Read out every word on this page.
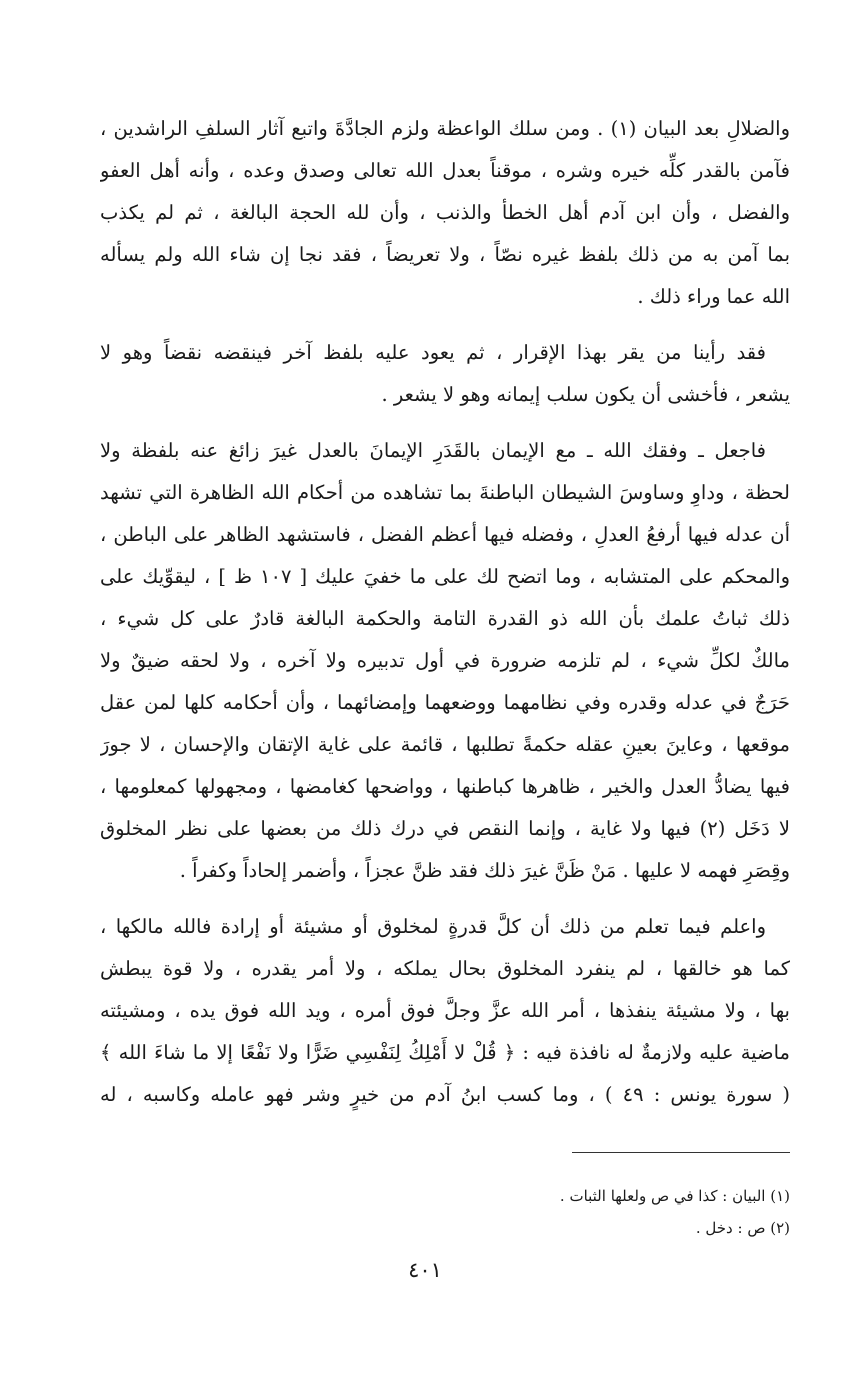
والضلالِ بعد البيان (١) . ومن سلك الواعظة ولزم الجادَّةَ واتبع آثار السلفِ الراشدين ،
فآمن بالقدر كلِّه خيره وشره ، موقناً بعدل الله تعالى وصدق وعده ، وأنه أهل العفو
والفضل ، وأن ابن آدم أهل الخطأ والذنب ، وأن لله الحجة البالغة ، ثم لم يكذب
بما آمن به من ذلك بلفظ غيره نصّاً ، ولا تعريضاً ، فقد نجا إن شاء الله ولم يسأله
الله عما وراء ذلك .
فقد رأينا من يقر بهذا الإقرار ، ثم يعود عليه بلفظ آخر فينقضه نقضاً وهو لا
يشعر ، فأخشى أن يكون سلب إيمانه وهو لا يشعر .
فاجعل ـ وفقك الله ـ مع الإيمان بالقَدَرِ الإيمانَ بالعدل غيرَ زائغ عنه بلفظة ولا
لحظة ، وداوِ وساوسَ الشيطان الباطنةَ بما تشاهده من أحكام الله الظاهرة التي تشهد
أن عدله فيها أرفعُ العدلِ ، وفضله فيها أعظم الفضل ، فاستشهد الظاهر على الباطن ،
والمحكم على المتشابه ، وما اتضح لك على ما خفيَ عليك [ ١٠٧ ظ ] ، ليقوِّيك على
ذلك ثباتُ علمك بأن الله ذو القدرة التامة والحكمة البالغة قادرٌ على كل شيء ،
مالكٌ لكلِّ شيء ، لم تلزمه ضرورة في أول تدبيره ولا آخره ، ولا لحقه ضيقٌ ولا
حَرَجٌ في عدله وقدره وفي نظامهما ووضعهما وإمضائهما ، وأن أحكامه كلها لمن عقل
موقعها ، وعاينَ بعينِ عقله حكمةً تطلبها ، قائمة على غاية الإتقان والإحسان ، لا جورَ
فيها يضادُّ العدل والخير ، ظاهرها كباطنها ، وواضحها كغامضها ، ومجهولها كمعلومها ،
لا دَخَل (٢) فيها ولا غاية ، وإنما النقص في درك ذلك من بعضها على نظر المخلوق
وقِصَرِ فهمه لا عليها . مَنْ ظَنَّ غيرَ ذلك فقد ظنَّ عجزاً ، وأضمر إلحاداً وكفراً .
واعلم فيما تعلم من ذلك أن كلَّ قدرةٍ لمخلوق أو مشيئة أو إرادة فالله مالكها ،
كما هو خالقها ، لم ينفرد المخلوق بحال يملكه ، ولا أمر يقدره ، ولا قوة يبطش
بها ، ولا مشيئة ينفذها ، أمر الله عزَّ وجلَّ فوق أمره ، ويد الله فوق يده ، ومشيئته
ماضية عليه ولازمةٌ له نافذة فيه : ﴿ قُلْ لا أَمْلِكُ لِنَفْسِي ضَرًّا ولا نَفْعًا إلا ما شاءَ الله ﴾
( سورة يونس : ٤٩ ) ، وما كسب ابنُ آدم من خيرٍ وشر فهو عامله وكاسبه ، له
(١) البيان : كذا في ص ولعلها الثبات .
(٢) ص : دخل .
٤٠١
